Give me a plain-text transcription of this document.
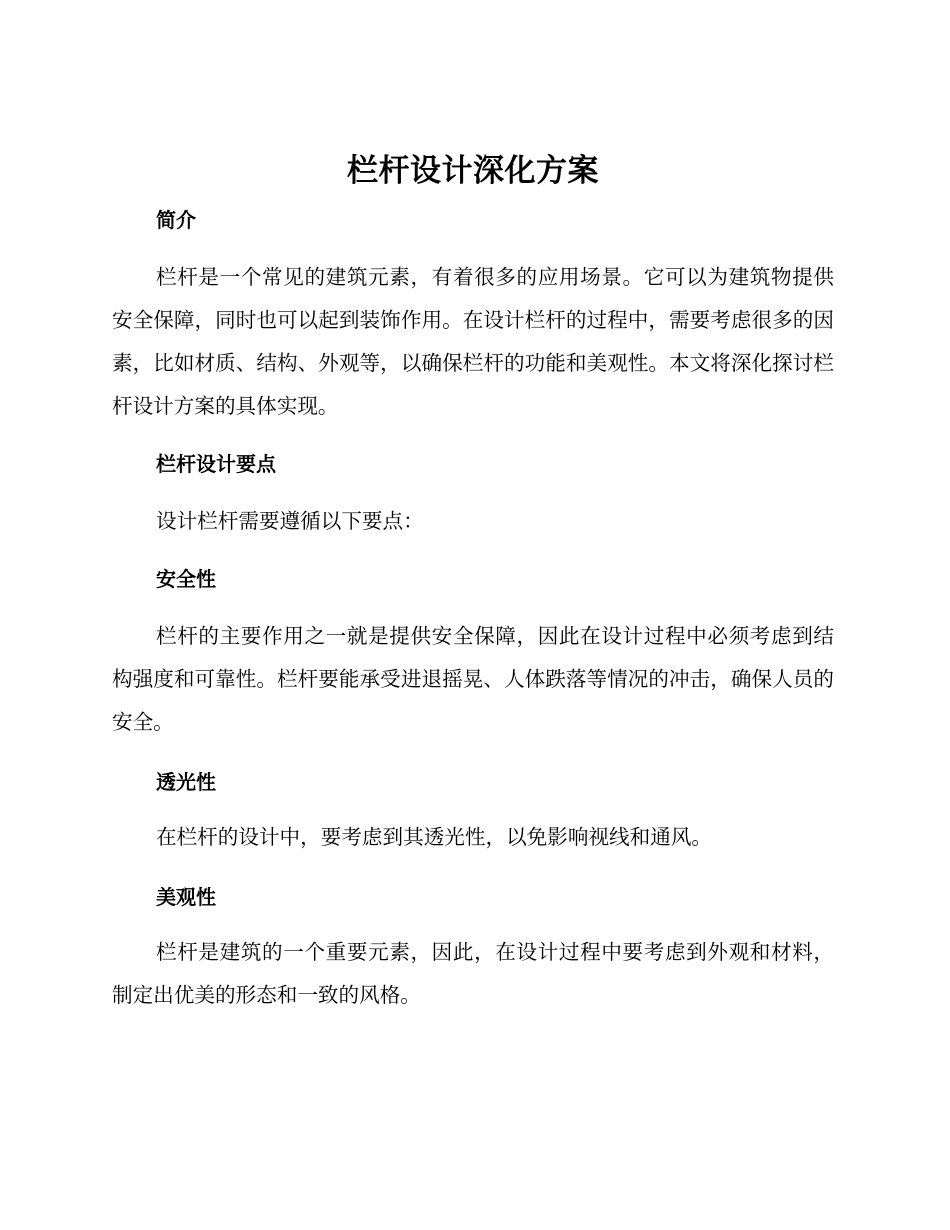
栏杆设计深化方案
简介

栏杆是一个常见的建筑元素，有着很多的应用场景。它可以为建筑物提供安全保障，同时也可以起到装饰作用。在设计栏杆的过程中，需要考虑很多的因素，比如材质、结构、外观等，以确保栏杆的功能和美观性。本文将深化探讨栏杆设计方案的具体实现。

栏杆设计要点

设计栏杆需要遵循以下要点：

安全性

栏杆的主要作用之一就是提供安全保障，因此在设计过程中必须考虑到结构强度和可靠性。栏杆要能承受进退摇晃、人体跌落等情况的冲击，确保人员的安全。

透光性

在栏杆的设计中，要考虑到其透光性，以免影响视线和通风。

美观性

栏杆是建筑的一个重要元素，因此，在设计过程中要考虑到外观和材料，制定出优美的形态和一致的风格。
